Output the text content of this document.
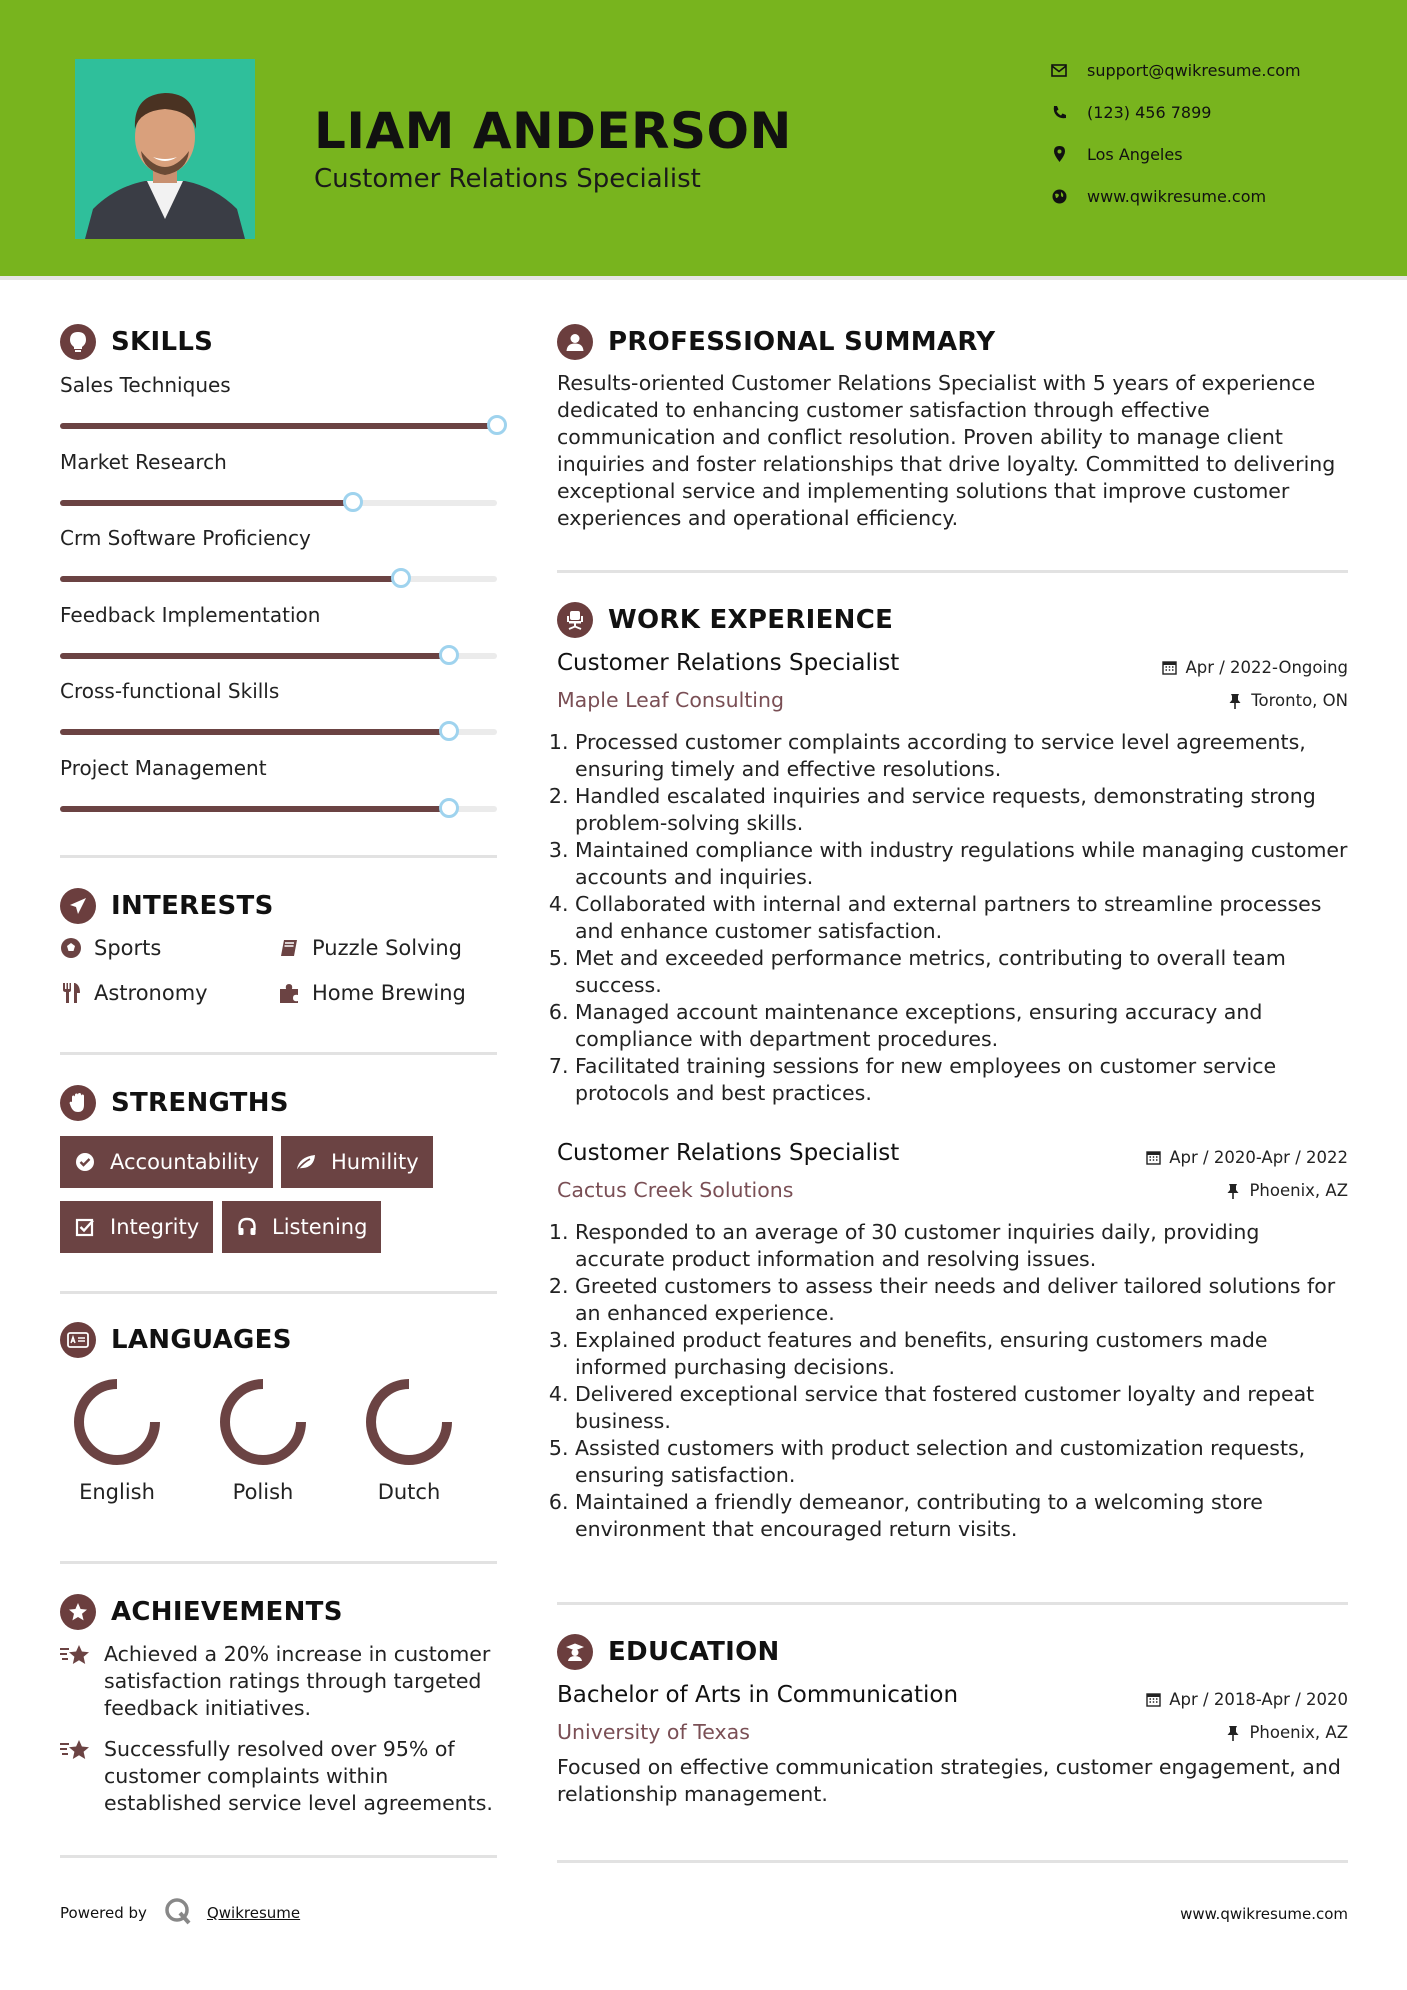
LIAM ANDERSON
Customer Relations Specialist
support@qwikresume.com
(123) 456 7899
Los Angeles
www.qwikresume.com
SKILLS
Sales Techniques
Market Research
Crm Software Proficiency
Feedback Implementation
Cross-functional Skills
Project Management
INTERESTS
Sports	Puzzle Solving
Astronomy	Home Brewing
STRENGTHS
Accountability	Humility
Integrity	Listening
LANGUAGES
English	Polish	Dutch
ACHIEVEMENTS
Achieved a 20% increase in customer satisfaction ratings through targeted feedback initiatives.
Successfully resolved over 95% of customer complaints within established service level agreements.
PROFESSIONAL SUMMARY
Results-oriented Customer Relations Specialist with 5 years of experience dedicated to enhancing customer satisfaction through effective communication and conflict resolution. Proven ability to manage client inquiries and foster relationships that drive loyalty. Committed to delivering exceptional service and implementing solutions that improve customer experiences and operational efficiency.
WORK EXPERIENCE
Customer Relations Specialist	Apr / 2022-Ongoing
Maple Leaf Consulting	Toronto, ON
1. Processed customer complaints according to service level agreements, ensuring timely and effective resolutions.
2. Handled escalated inquiries and service requests, demonstrating strong problem-solving skills.
3. Maintained compliance with industry regulations while managing customer accounts and inquiries.
4. Collaborated with internal and external partners to streamline processes and enhance customer satisfaction.
5. Met and exceeded performance metrics, contributing to overall team success.
6. Managed account maintenance exceptions, ensuring accuracy and compliance with department procedures.
7. Facilitated training sessions for new employees on customer service protocols and best practices.
Customer Relations Specialist	Apr / 2020-Apr / 2022
Cactus Creek Solutions	Phoenix, AZ
1. Responded to an average of 30 customer inquiries daily, providing accurate product information and resolving issues.
2. Greeted customers to assess their needs and deliver tailored solutions for an enhanced experience.
3. Explained product features and benefits, ensuring customers made informed purchasing decisions.
4. Delivered exceptional service that fostered customer loyalty and repeat business.
5. Assisted customers with product selection and customization requests, ensuring satisfaction.
6. Maintained a friendly demeanor, contributing to a welcoming store environment that encouraged return visits.
EDUCATION
Bachelor of Arts in Communication	Apr / 2018-Apr / 2020
University of Texas	Phoenix, AZ
Focused on effective communication strategies, customer engagement, and relationship management.
Powered by	Qwikresume	www.qwikresume.com
